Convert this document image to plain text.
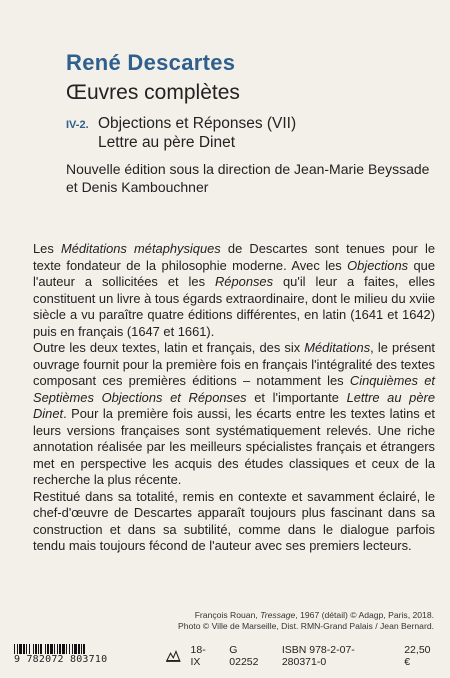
René Descartes
Œuvres complètes
IV-2. Objections et Réponses (VII)
Lettre au père Dinet
Nouvelle édition sous la direction de Jean-Marie Beyssade
et Denis Kambouchner

Les Méditations métaphysiques de Descartes sont tenues pour le texte fondateur de la philosophie moderne. Avec les Objections que l'auteur a sollicitées et les Réponses qu'il leur a faites, elles constituent un livre à tous égards extraordinaire, dont le milieu du xviie siècle a vu paraître quatre éditions différentes, en latin (1641 et 1642) puis en français (1647 et 1661).

Outre les deux textes, latin et français, des six Méditations, le présent ouvrage fournit pour la première fois en français l'intégralité des textes composant ces premières éditions – notamment les Cinquièmes et Septièmes Objections et Réponses et l'importante Lettre au père Dinet. Pour la première fois aussi, les écarts entre les textes latins et leurs versions françaises sont systématiquement relevés. Une riche annotation réalisée par les meilleurs spécialistes français et étrangers met en perspective les acquis des études classiques et ceux de la recherche la plus récente.

Restitué dans sa totalité, remis en contexte et savamment éclairé, le chef-d'œuvre de Descartes apparaît toujours plus fascinant dans sa construction et dans sa subtilité, comme dans le dialogue parfois tendu mais toujours fécond de l'auteur avec ses premiers lecteurs.

François Rouan, Tressage, 1967 (détail) © Adagp, Paris, 2018.
Photo © Ville de Marseille, Dist. RMN-Grand Palais / Jean Bernard.
9 782072 803710
18-IX
G 02252
ISBN 978-2-07-280371-0
22,50 €
